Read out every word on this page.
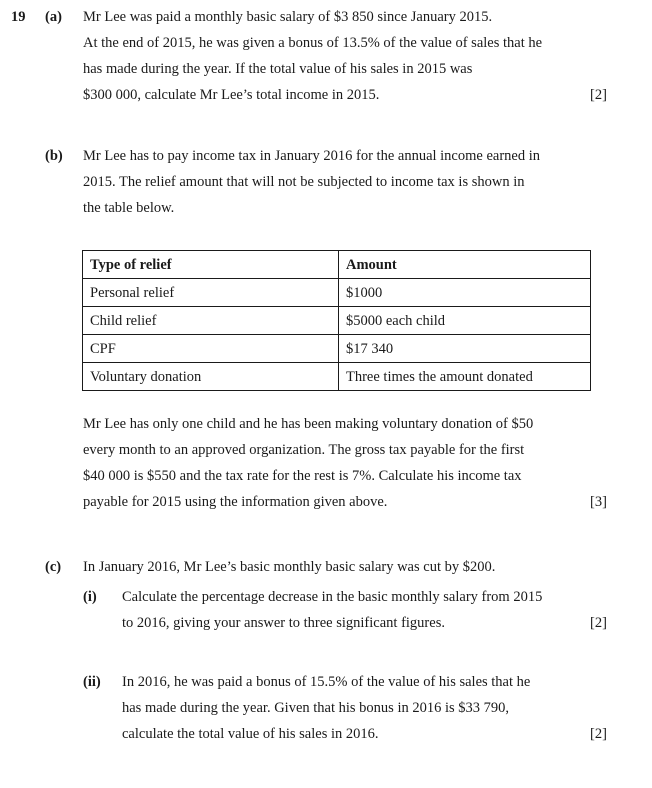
19 (a) Mr Lee was paid a monthly basic salary of $3 850 since January 2015.
At the end of 2015, he was given a bonus of 13.5% of the value of sales that he
has made during the year. If the total value of his sales in 2015 was
$300 000, calculate Mr Lee’s total income in 2015.	[2]
(b) Mr Lee has to pay income tax in January 2016 for the annual income earned in
2015. The relief amount that will not be subjected to income tax is shown in
the table below.
Type of relief	Amount
Personal relief	$1000
Child relief	$5000 each child
CPF	$17 340
Voluntary donation	Three times the amount donated
Mr Lee has only one child and he has been making voluntary donation of $50
every month to an approved organization. The gross tax payable for the first
$40 000 is $550 and the tax rate for the rest is 7%. Calculate his income tax
payable for 2015 using the information given above.	[3]
(c) In January 2016, Mr Lee’s basic monthly basic salary was cut by $200.
(i) Calculate the percentage decrease in the basic monthly salary from 2015
to 2016, giving your answer to three significant figures.	[2]
(ii) In 2016, he was paid a bonus of 15.5% of the value of his sales that he
has made during the year. Given that his bonus in 2016 is $33 790,
calculate the total value of his sales in 2016.	[2]
